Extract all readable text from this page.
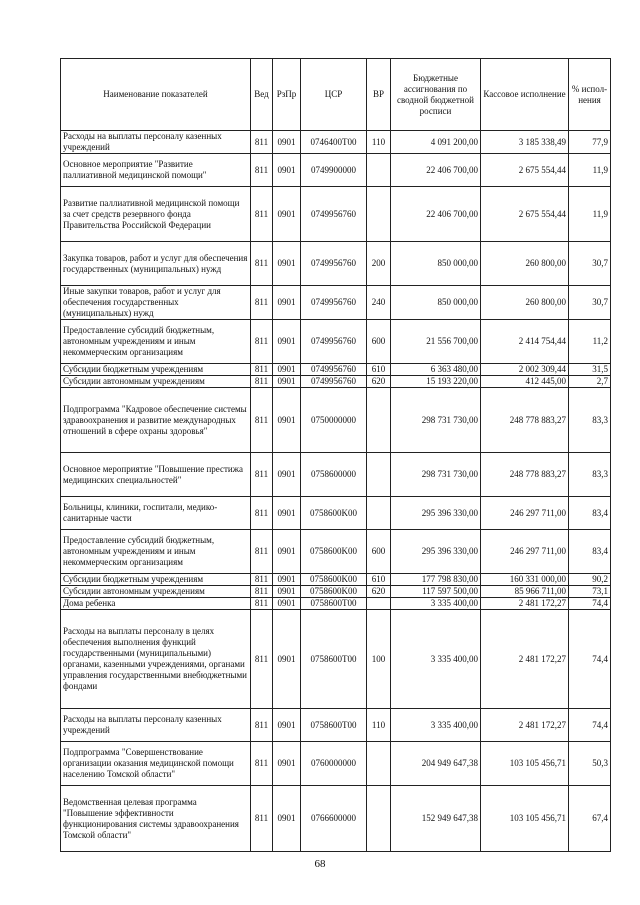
Наименование показателей	Вед	РзПр	ЦСР	ВР	Бюджетные ассигнования по сводной бюджетной росписи	Кассовое исполнение	% испол- нения
Расходы на выплаты персоналу казенных учреждений	811	0901	0746400T00	110	4 091 200,00	3 185 338,49	77,9
Основное мероприятие "Развитие паллиативной медицинской помощи"	811	0901	0749900000		22 406 700,00	2 675 554,44	11,9
Развитие паллиативной медицинской помощи за счет средств резервного фонда Правительства Российской Федерации	811	0901	0749956760		22 406 700,00	2 675 554,44	11,9
Закупка товаров, работ и услуг для обеспечения государственных (муниципальных) нужд	811	0901	0749956760	200	850 000,00	260 800,00	30,7
Иные закупки товаров, работ и услуг для обеспечения государственных (муниципальных) нужд	811	0901	0749956760	240	850 000,00	260 800,00	30,7
Предоставление субсидий бюджетным, автономным учреждениям и иным некоммерческим организациям	811	0901	0749956760	600	21 556 700,00	2 414 754,44	11,2
Субсидии бюджетным учреждениям	811	0901	0749956760	610	6 363 480,00	2 002 309,44	31,5
Субсидии автономным учреждениям	811	0901	0749956760	620	15 193 220,00	412 445,00	2,7
Подпрограмма "Кадровое обеспечение системы здравоохранения и развитие международных отношений в сфере охраны здоровья"	811	0901	0750000000		298 731 730,00	248 778 883,27	83,3
Основное мероприятие "Повышение престижа медицинских специальностей"	811	0901	0758600000		298 731 730,00	248 778 883,27	83,3
Больницы, клиники, госпитали, медико-санитарные части	811	0901	0758600K00		295 396 330,00	246 297 711,00	83,4
Предоставление субсидий бюджетным, автономным учреждениям и иным некоммерческим организациям	811	0901	0758600K00	600	295 396 330,00	246 297 711,00	83,4
Субсидии бюджетным учреждениям	811	0901	0758600K00	610	177 798 830,00	160 331 000,00	90,2
Субсидии автономным учреждениям	811	0901	0758600K00	620	117 597 500,00	85 966 711,00	73,1
Дома ребенка	811	0901	0758600T00		3 335 400,00	2 481 172,27	74,4
Расходы на выплаты персоналу в целях обеспечения выполнения функций государственными (муниципальными) органами, казенными учреждениями, органами управления государственными внебюджетными фондами	811	0901	0758600T00	100	3 335 400,00	2 481 172,27	74,4
Расходы на выплаты персоналу казенных учреждений	811	0901	0758600T00	110	3 335 400,00	2 481 172,27	74,4
Подпрограмма "Совершенствование организации оказания медицинской помощи населению Томской области"	811	0901	0760000000		204 949 647,38	103 105 456,71	50,3
Ведомственная целевая программа "Повышение эффективности функционирования системы здравоохранения Томской области"	811	0901	0766600000		152 949 647,38	103 105 456,71	67,4
68
